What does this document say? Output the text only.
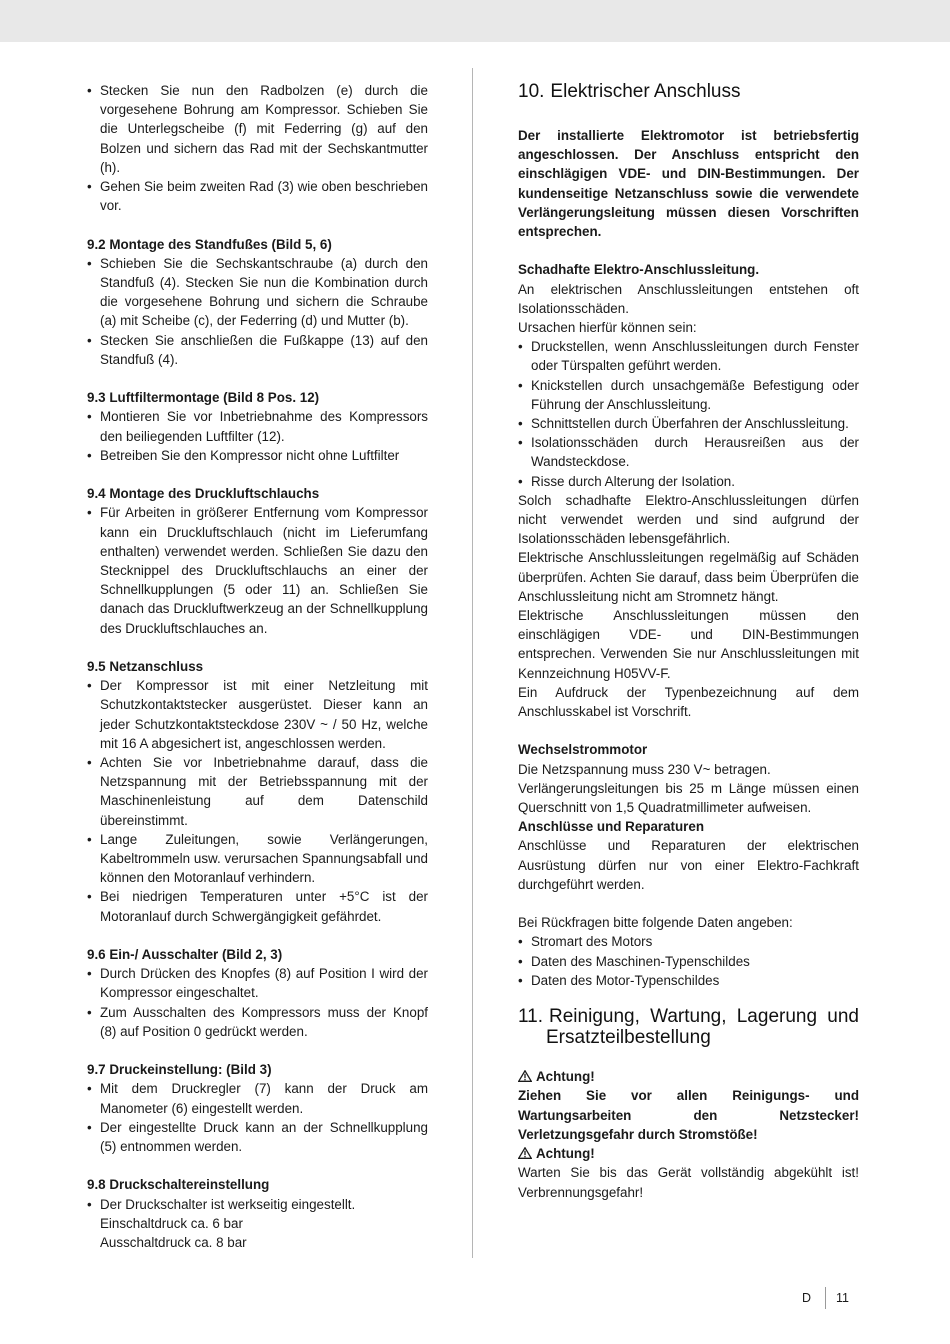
• Stecken Sie nun den Radbolzen (e) durch die vorgesehene Bohrung am Kompressor. Schieben Sie die Unterlegscheibe (f) mit Federring (g) auf den Bolzen und sichern das Rad mit der Sechskantmutter (h).
• Gehen Sie beim zweiten Rad (3) wie oben beschrieben vor.
9.2 Montage des Standfußes (Bild 5, 6)
• Schieben Sie die Sechskantschraube (a) durch den Standfuß (4). Stecken Sie nun die Kombination durch die vorgesehene Bohrung und sichern die Schraube (a) mit Scheibe (c), der Federring (d) und Mutter (b).
• Stecken Sie anschließen die Fußkappe (13) auf den Standfuß (4).
9.3 Luftfiltermontage (Bild 8 Pos. 12)
• Montieren Sie vor Inbetriebnahme des Kompressors den beiliegenden Luftfilter (12).
• Betreiben Sie den Kompressor nicht ohne Luftfilter
9.4 Montage des Druckluftschlauchs
• Für Arbeiten in größerer Entfernung vom Kompressor kann ein Druckluftschlauch (nicht im Lieferumfang enthalten) verwendet werden. Schließen Sie dazu den Stecknippel des Druckluftschlauchs an einer der Schnellkupplungen (5 oder 11) an. Schließen Sie danach das Druckluftwerkzeug an der Schnellkupplung des Druckluftschlauches an.
9.5 Netzanschluss
• Der Kompressor ist mit einer Netzleitung mit Schutzkontaktstecker ausgerüstet. Dieser kann an jeder Schutzkontaktsteckdose 230V ~ / 50 Hz, welche mit 16 A abgesichert ist, angeschlossen werden.
• Achten Sie vor Inbetriebnahme darauf, dass die Netzspannung mit der Betriebsspannung mit der Maschinenleistung auf dem Datenschild übereinstimmt.
• Lange Zuleitungen, sowie Verlängerungen, Kabeltrommeln usw. verursachen Spannungsabfall und können den Motoranlauf verhindern.
• Bei niedrigen Temperaturen unter +5°C ist der Motoranlauf durch Schwergängigkeit gefährdet.
9.6 Ein-/ Ausschalter (Bild 2, 3)
• Durch Drücken des Knopfes (8) auf Position I wird der Kompressor eingeschaltet.
• Zum Ausschalten des Kompressors muss der Knopf (8) auf Position 0 gedrückt werden.
9.7 Druckeinstellung: (Bild 3)
• Mit dem Druckregler (7) kann der Druck am Manometer (6) eingestellt werden.
• Der eingestellte Druck kann an der Schnellkupplung (5) entnommen werden.
9.8 Druckschaltereinstellung
• Der Druckschalter ist werkseitig eingestellt.
Einschaltdruck ca. 6 bar
Ausschaltdruck ca. 8 bar
10. Elektrischer Anschluss

Der installierte Elektromotor ist betriebsfertig angeschlossen. Der Anschluss entspricht den einschlägigen VDE- und DIN-Bestimmungen. Der kundenseitige Netzanschluss sowie die verwendete Verlängerungsleitung müssen diesen Vorschriften entsprechen.

Schadhafte Elektro-Anschlussleitung.

An elektrischen Anschlussleitungen entstehen oft Isolationsschäden.

Ursachen hierfür können sein:

• Druckstellen, wenn Anschlussleitungen durch Fenster oder Türspalten geführt werden.
• Knickstellen durch unsachgemäße Befestigung oder Führung der Anschlussleitung.
• Schnittstellen durch Überfahren der Anschlussleitung.
• Isolationsschäden durch Herausreißen aus der Wandsteckdose.
• Risse durch Alterung der Isolation.

Solch schadhafte Elektro-Anschlussleitungen dürfen nicht verwendet werden und sind aufgrund der Isolationsschäden lebensgefährlich.

Elektrische Anschlussleitungen regelmäßig auf Schäden überprüfen. Achten Sie darauf, dass beim Überprüfen die Anschlussleitung nicht am Stromnetz hängt.

Elektrische Anschlussleitungen müssen den einschlägigen VDE- und DIN-Bestimmungen entsprechen. Verwenden Sie nur Anschlussleitungen mit Kennzeichnung H05VV-F.

Ein Aufdruck der Typenbezeichnung auf dem Anschlusskabel ist Vorschrift.

Wechselstrommotor

Die Netzspannung muss 230 V~ betragen.

Verlängerungsleitungen bis 25 m Länge müssen einen Querschnitt von 1,5 Quadratmillimeter aufweisen.

Anschlüsse und Reparaturen

Anschlüsse und Reparaturen der elektrischen Ausrüstung dürfen nur von einer Elektro-Fachkraft durchgeführt werden.

Bei Rückfragen bitte folgende Daten angeben:

• Stromart des Motors
• Daten des Maschinen-Typenschildes
• Daten des Motor-Typenschildes
11. Reinigung, Wartung, Lagerung und Ersatzteilbestellung
Achtung!

Ziehen Sie vor allen Reinigungs- und Wartungsarbeiten den Netzstecker! Verletzungsgefahr durch Stromstöße!

Achtung!

Warten Sie bis das Gerät vollständig abgekühlt ist! Verbrennungsgefahr!

D 11
